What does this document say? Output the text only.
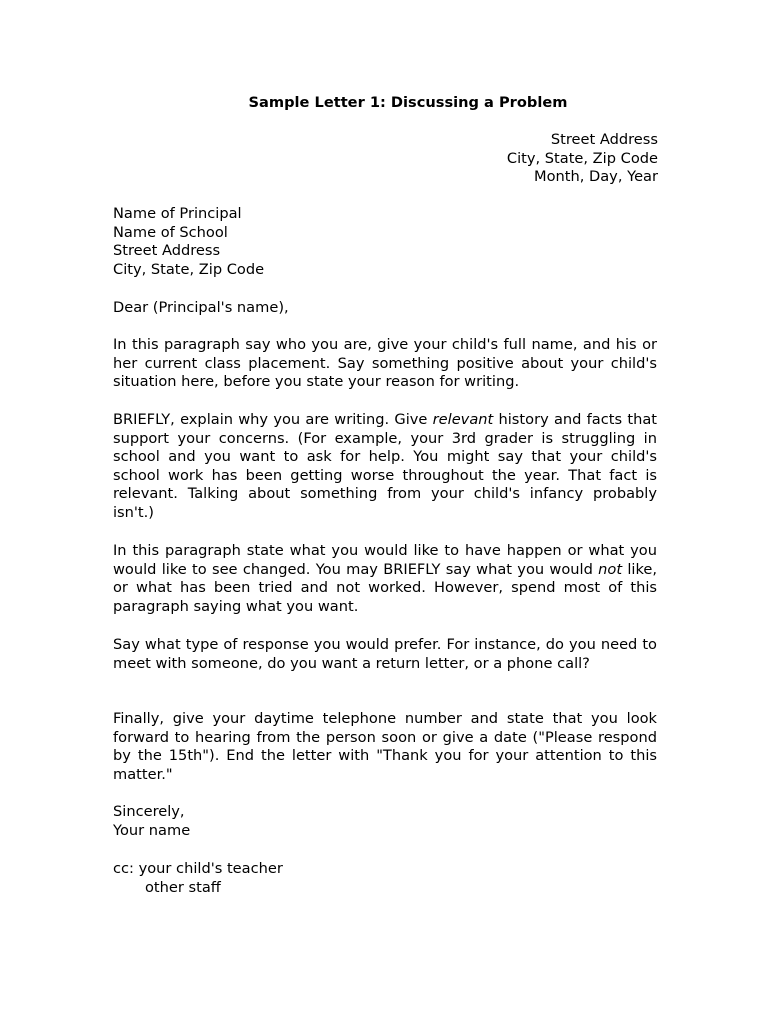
Sample Letter 1: Discussing a Problem
Street Address
City, State, Zip Code
Month, Day, Year
Name of Principal
Name of School
Street Address
City, State, Zip Code
Dear (Principal's name),

In this paragraph say who you are, give your child's full name, and his or her current class placement. Say something positive about your child's situation here, before you state your reason for writing.

BRIEFLY, explain why you are writing. Give relevant history and facts that support your concerns. (For example, your 3rd grader is struggling in school and you want to ask for help. You might say that your child's school work has been getting worse throughout the year. That fact is relevant. Talking about something from your child's infancy probably isn't.)

In this paragraph state what you would like to have happen or what you would like to see changed. You may BRIEFLY say what you would not like, or what has been tried and not worked. However, spend most of this paragraph saying what you want.

Say what type of response you would prefer. For instance, do you need to meet with someone, do you want a return letter, or a phone call?

Finally, give your daytime telephone number and state that you look forward to hearing from the person soon or give a date ("Please respond by the 15th"). End the letter with "Thank you for your attention to this matter."

Sincerely,
Your name
cc: your child's teacher
other staff
